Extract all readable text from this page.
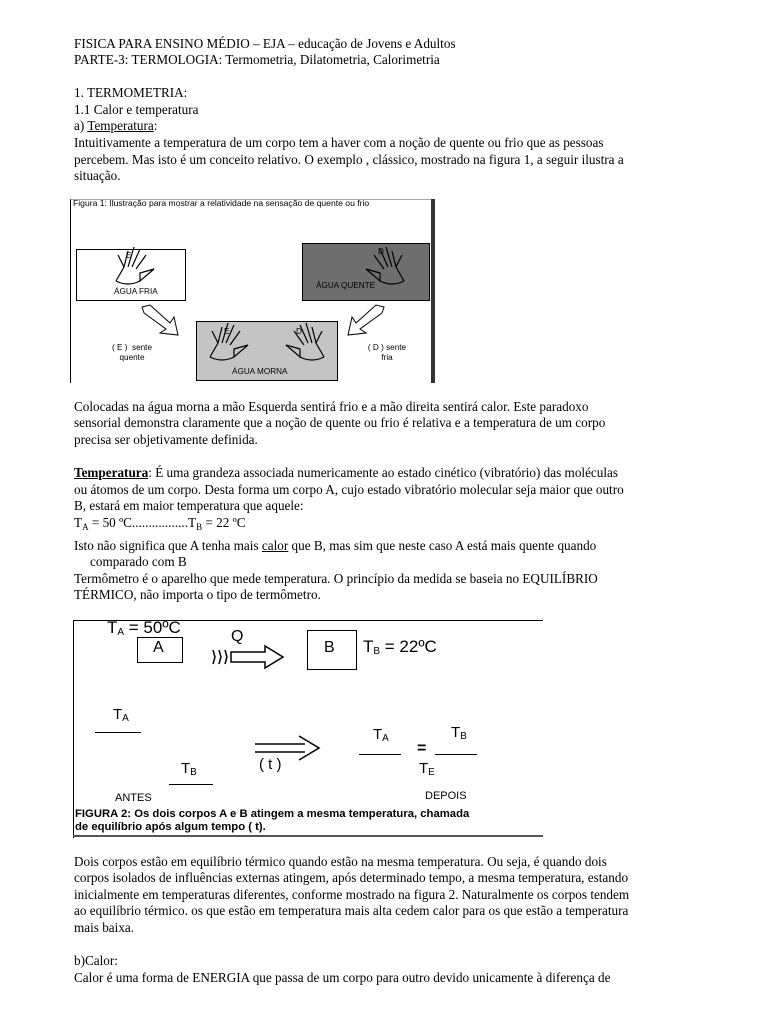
FISICA PARA ENSINO MÉDIO – EJA – educação de Jovens e Adultos
PARTE-3: TERMOLOGIA: Termometria, Dilatometria, Calorimetria
1. TERMOMETRIA:
1.1 Calor e temperatura
a) Temperatura:
Intuitivamente a temperatura de um corpo tem a haver com a noção de quente ou frio que as pessoas
percebem. Mas isto é um conceito relativo. O exemplo , clássico, mostrado na figura 1, a seguir ilustra a
situação.
Figura 1: Ilustração para mostrar a relatividade na sensação de quente ou frio
E
ÁGUA FRIA
D
ÁGUA QUENTE
E	D
ÁGUA MORNA
( E )  sente
quente
( D ) sente
fria
Colocadas na água morna a mão Esquerda sentirá frio e a mão direita sentirá calor. Este paradoxo
sensorial demonstra claramente que a noção de quente ou frio é relativa e a temperatura de um corpo
precisa ser objetivamente definida.
Temperatura: É uma grandeza associada numericamente ao estado cinético (vibratório) das moléculas
ou átomos de um corpo. Desta forma um corpo A, cujo estado vibratório molecular seja maior que outro
B, estará em maior temperatura que aquele:
$T_A = 50$ $ºC.................T_B = 22$ ºC
Isto não significa que A tenha mais calor que B, mas sim que neste caso A está mais quente quando
comparado com B
Termômetro é o aparelho que mede temperatura. O princípio da medida se baseia no EQUILÍBRIO
TÉRMICO, não importa o tipo de termômetro.
$T_A$ = 50ºC
A
Q
B $T_B$ = 22ºC
$T_A$
$T_B$
ANTES
( t )
$T_A$
=
$T_B$
$T_E$
DEPOIS
FIGURA 2: Os dois corpos A e B atingem a mesma temperatura, chamada
de equilíbrio após algum tempo ( t).
Dois corpos estão em equilíbrio térmico quando estão na mesma temperatura. Ou seja, é quando dois
corpos isolados de influências externas atingem, após determinado tempo, a mesma temperatura, estando
inicialmente em temperaturas diferentes, conforme mostrado na figura 2. Naturalmente os corpos tendem
ao equilíbrio térmico. os que estão em temperatura mais alta cedem calor para os que estão a temperatura
mais baixa.
b)Calor:
Calor é uma forma de ENERGIA que passa de um corpo para outro devido unicamente à diferença de
